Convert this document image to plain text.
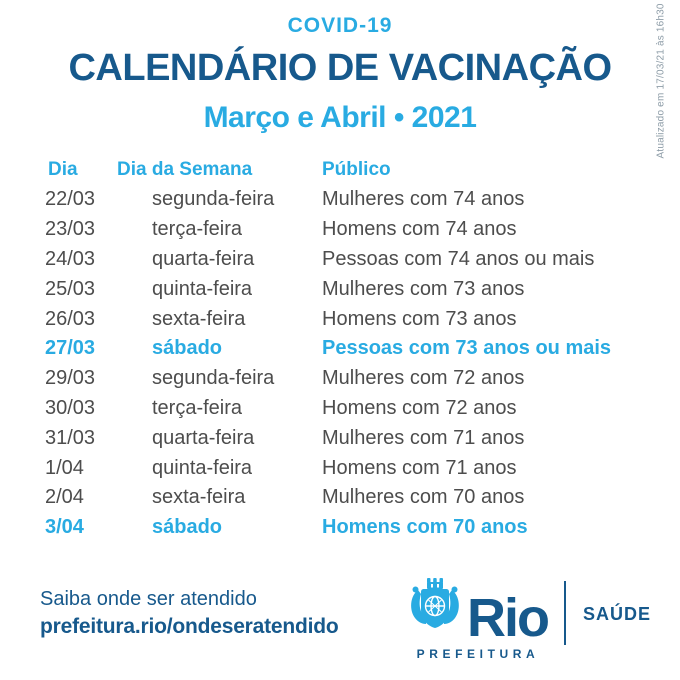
COVID-19
CALENDÁRIO DE VACINAÇÃO
Março e Abril • 2021	Atualizado em 17/03/21 às 16h30
Dia	Dia da Semana	Público
22/03	segunda-feira	Mulheres com 74 anos
23/03	terça-feira	Homens com 74 anos
24/03	quarta-feira	Pessoas com 74 anos ou mais
25/03	quinta-feira	Mulheres com 73 anos
26/03	sexta-feira	Homens com 73 anos
27/03	sábado	Pessoas com 73 anos ou mais
29/03	segunda-feira	Mulheres com 72 anos
30/03	terça-feira	Homens com 72 anos
31/03	quarta-feira	Mulheres com 71 anos
1/04	quinta-feira	Homens com 71 anos
2/04	sexta-feira	Mulheres com 70 anos
3/04	sábado	Homens com 70 anos
Saiba onde ser atendido
prefeitura.rio/ondeseratendido Rio
PREFEITURA
SAÚDE
